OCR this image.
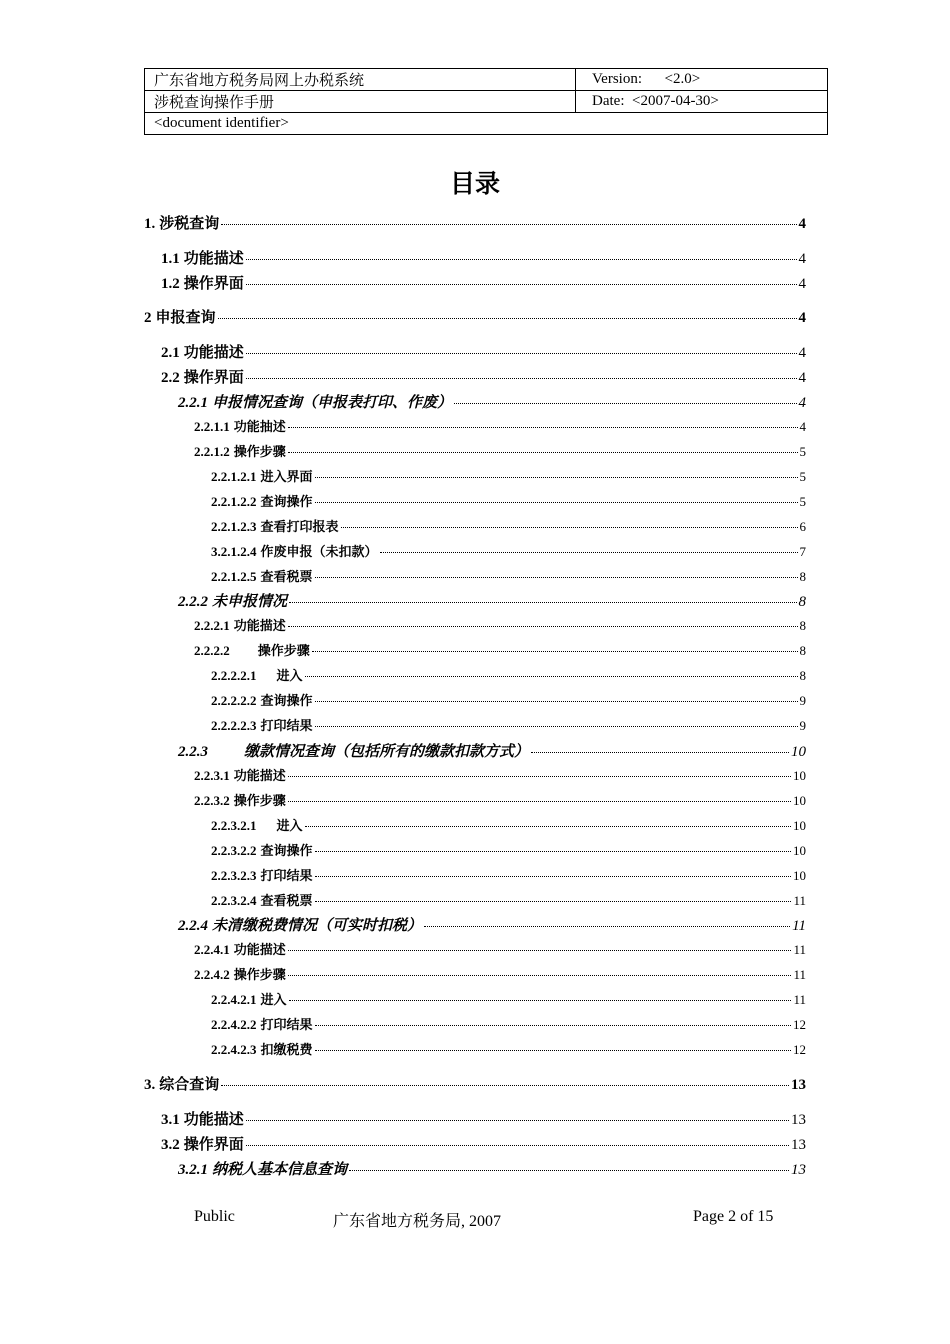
广东省地方税务局网上办税系统	Version:      <2.0>
涉税查询操作手册	Date:  <2007-04-30>
<document identifier>	
目录
1. 涉税查询	4
1.1 功能描述	4
1.2 操作界面	4
2 申报查询	4
2.1 功能描述	4
2.2 操作界面	4
2.2.1 申报情况查询（申报表打印、作废）	4
2.2.1.1 功能抽述	4
2.2.1.2 操作步骤	5
2.2.1.2.1 进入界面	5
2.2.1.2.2 查询操作	5
2.2.1.2.3 查看打印报表	6
3.2.1.2.4 作废申报（未扣款）	7
2.2.1.2.5 查看税票	8
2.2.2 未申报情况	8
2.2.2.1 功能描述	8
2.2.2.2 操作步骤	8
2.2.2.2.1 进入	8
2.2.2.2.2 查询操作	9
2.2.2.2.3 打印结果	9
2.2.3 缴款情况查询（包括所有的缴款扣款方式）	10
2.2.3.1 功能描述	10
2.2.3.2 操作步骤	10
2.2.3.2.1 进入	10
2.2.3.2.2 查询操作	10
2.2.3.2.3 打印结果	10
2.2.3.2.4 查看税票	11
2.2.4 未清缴税费情况（可实时扣税）	11
2.2.4.1 功能描述	11
2.2.4.2 操作步骤	11
2.2.4.2.1 进入	11
2.2.4.2.2 打印结果	12
2.2.4.2.3 扣缴税费	12
3. 综合查询	13
3.1 功能描述	13
3.2 操作界面	13
3.2.1 纳税人基本信息查询	13
Public	广东省地方税务局, 2007	Page 2 of 15
